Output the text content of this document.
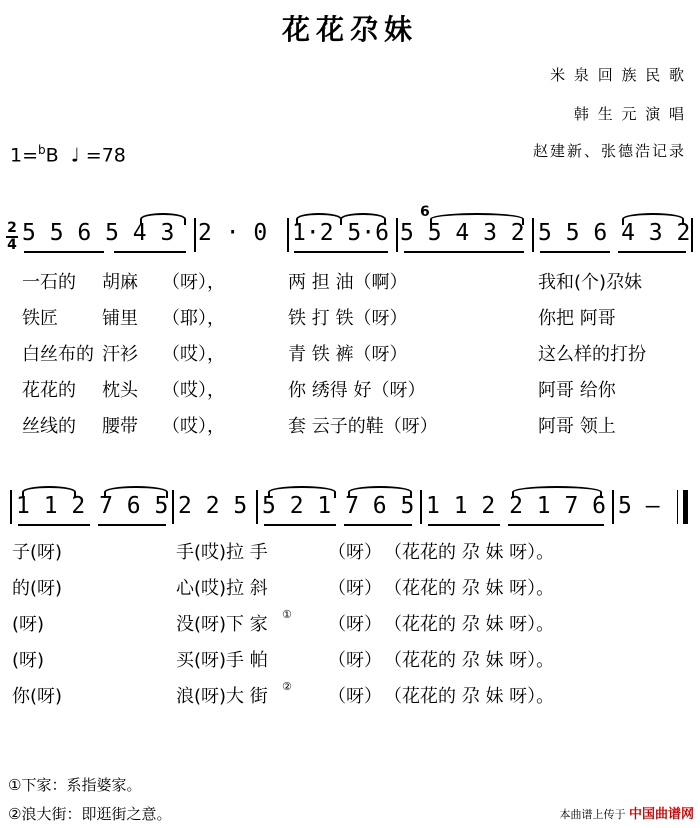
花花尕妹
米 泉 回 族 民 歌
韩 生 元 演 唱
赵建新、张德浩记录
1=$^b$B ♩ =78
2
4 5 5 6 5 4 3 2 · 0 1·2 5·6 5 5 4 3 2 5 5 6 4 3 2
6
一石的 胡麻 （呀），	两 担 油（啊）	我和(个)尕妹
铁匠 铺里 （耶），	铁 打 铁（呀）	你把 阿哥
白丝布的 汗衫 （哎），	青 铁 裤（呀）	这么样的打扮
花花的 枕头 （哎），	你 绣得 好（呀）	阿哥 给你
丝线的 腰带 （哎），	套 云子的鞋（呀）	阿哥 领上
1 1 2 7 6 5 2 2 5 5 2 1 7 6 5 1 1 2 2 1 7 6 5 —
子(呀)	手(哎)拉 手	（呀） （花花的 尕 妹 呀）。
的(呀)	心(哎)拉 斜	（呀） （花花的 尕 妹 呀）。
(呀)	没(呀)下 家	（呀） （花花的 尕 妹 呀）。
(呀)	买(呀)手 帕	（呀） （花花的 尕 妹 呀）。
你(呀)	浪(呀)大 街	（呀） （花花的 尕 妹 呀）。
①
②
①下家：系指婆家。
②浪大街：即逛街之意。	本曲谱上传于 中国曲谱网
